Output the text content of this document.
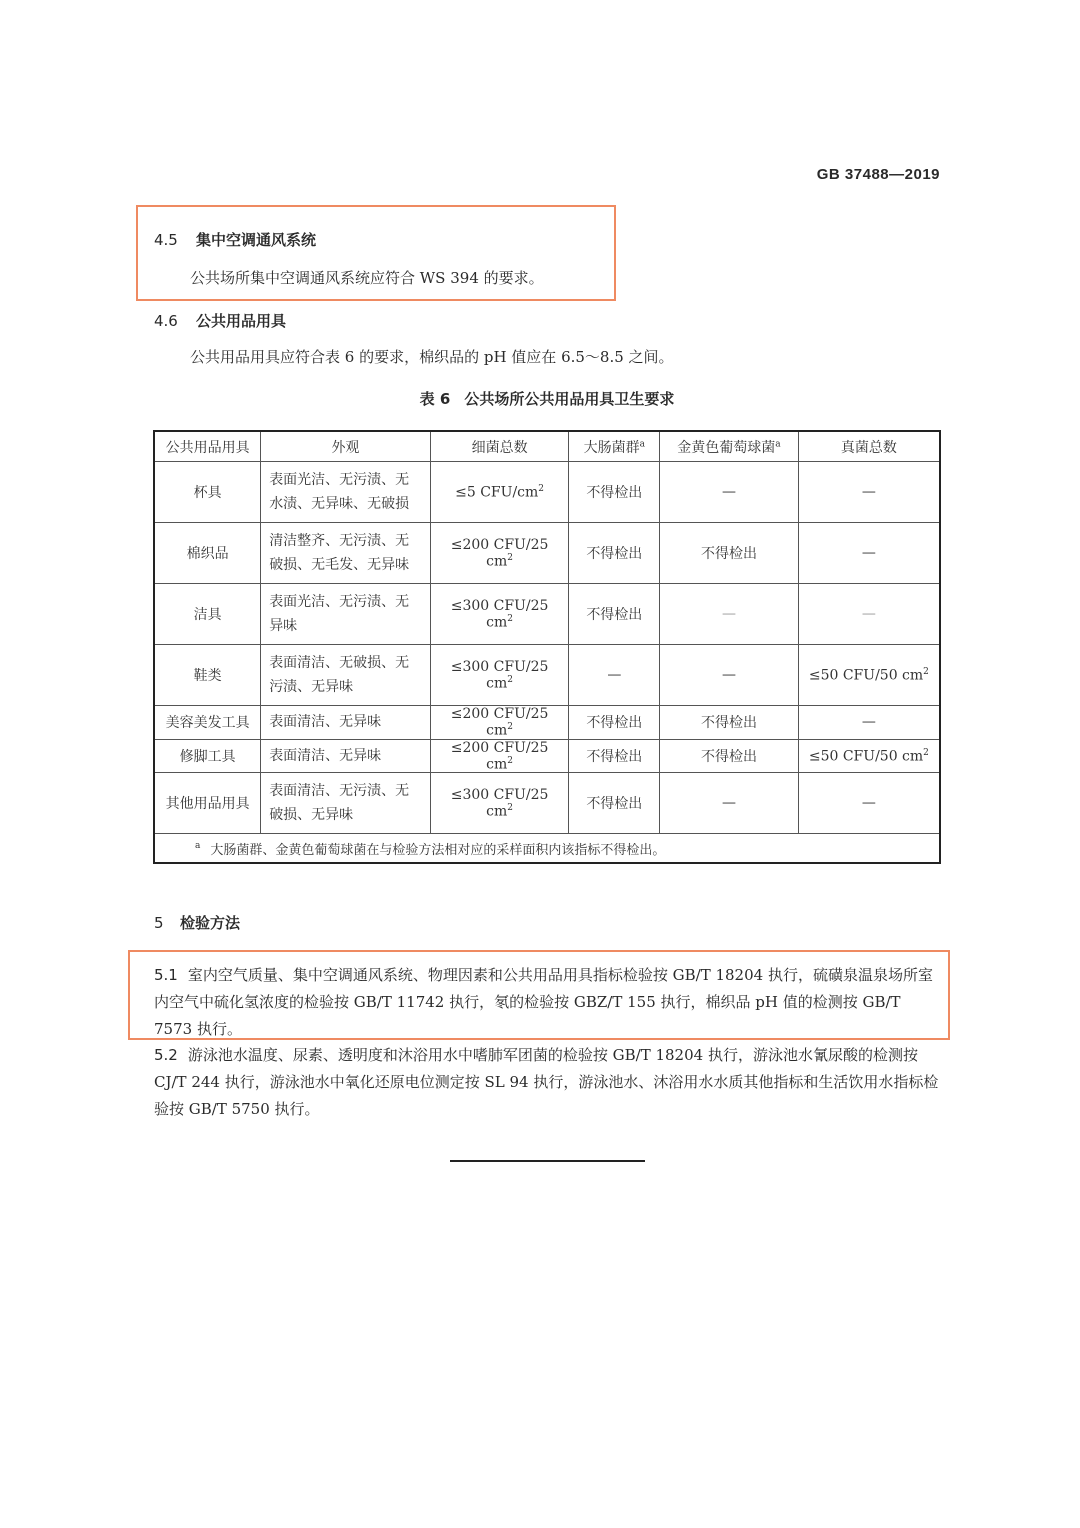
GB 37488—2019
4.5 集中空调通风系统
公共场所集中空调通风系统应符合 WS 394 的要求。
4.6 公共用品用具
公共用品用具应符合表 6 的要求，棉织品的 pH 值应在 6.5～8.5 之间。
表 6 公共场所公共用品用具卫生要求
公共用品用具	外观	细菌总数	大肠菌群$^a$	金黄色葡萄球菌$^a$	真菌总数
杯具	表面光洁、无污渍、无水渍、无异味、无破损	≤5 CFU/$cm^2$	不得检出	—	—
棉织品	清洁整齐、无污渍、无破损、无毛发、无异味	≤200 CFU/25 $cm^2$	不得检出	不得检出	—
洁具	表面光洁、无污渍、无异味	≤300 CFU/25 $cm^2$	不得检出	—	—
鞋类	表面清洁、无破损、无污渍、无异味	≤300 CFU/25 $cm^2$	—	—	≤50 CFU/50 $cm^2$
美容美发工具	表面清洁、无异味	≤200 CFU/25 $cm^2$	不得检出	不得检出	—
修脚工具	表面清洁、无异味	≤200 CFU/25 $cm^2$	不得检出	不得检出	≤50 CFU/50 $cm^2$
其他用品用具	表面清洁、无污渍、无破损、无异味	≤300 CFU/25 $cm^2$	不得检出	—	—
$^a$ 大肠菌群、金黄色葡萄球菌在与检验方法相对应的采样面积内该指标不得检出。					
5 检验方法
5.1 室内空气质量、集中空调通风系统、物理因素和公共用品用具指标检验按 GB/T 18204 执行，硫磺泉温泉场所室内空气中硫化氢浓度的检验按 GB/T 11742 执行，氡的检验按 GBZ/T 155 执行，棉织品 pH 值的检测按 GB/T 7573 执行。
5.2 游泳池水温度、尿素、透明度和沐浴用水中嗜肺军团菌的检验按 GB/T 18204 执行，游泳池水氰尿酸的检测按 CJ/T 244 执行，游泳池水中氧化还原电位测定按 SL 94 执行，游泳池水、沐浴用水水质其他指标和生活饮用水指标检验按 GB/T 5750 执行。
